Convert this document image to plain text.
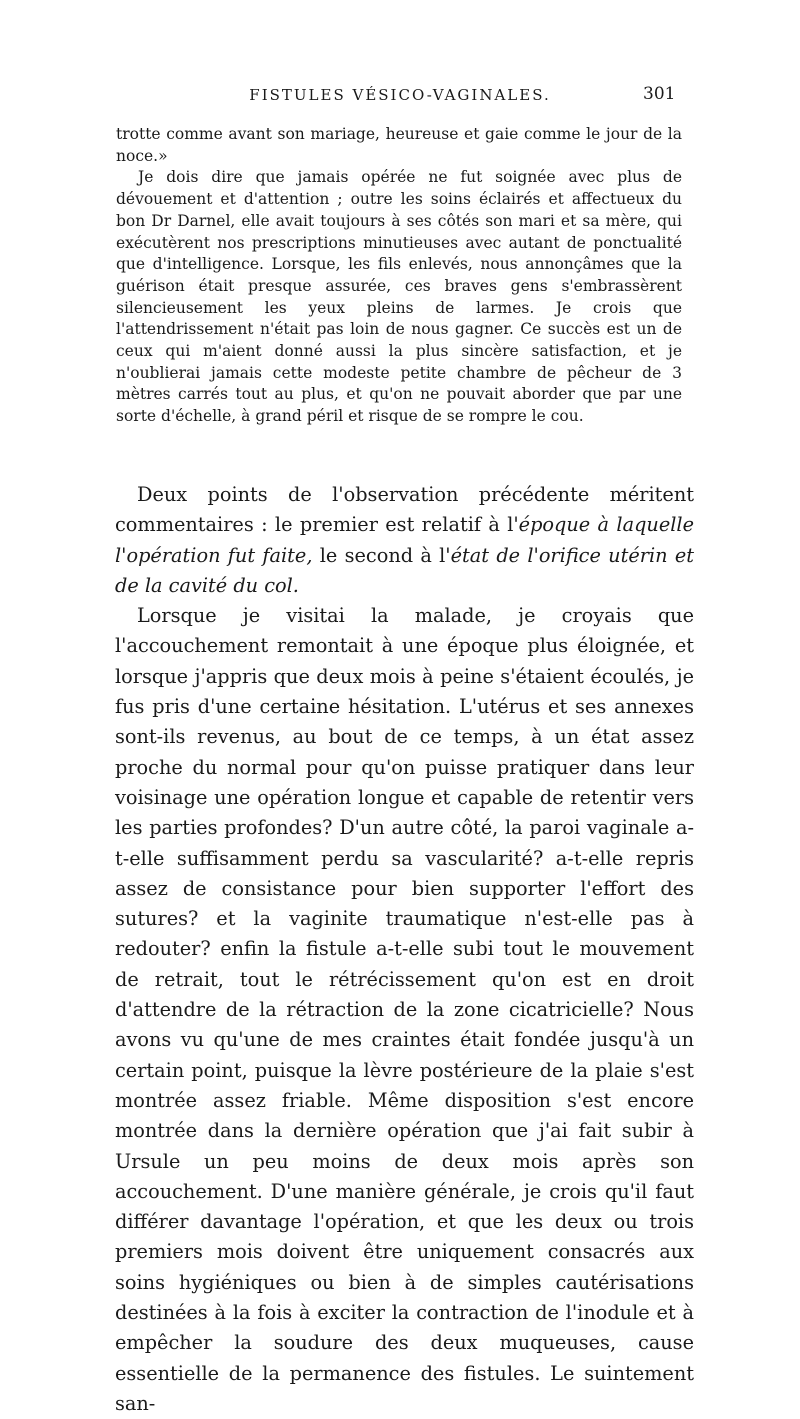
FISTULES VÉSICO-VAGINALES.	301

trotte comme avant son mariage, heureuse et gaie comme le jour de la noce.»

Je dois dire que jamais opérée ne fut soignée avec plus de dévouement et d'attention ; outre les soins éclairés et affectueux du bon Dr Darnel, elle avait toujours à ses côtés son mari et sa mère, qui exécutèrent nos prescriptions minutieuses avec autant de ponctualité que d'intelligence. Lorsque, les fils enlevés, nous annonçâmes que la guérison était presque assurée, ces braves gens s'embrassèrent silencieusement les yeux pleins de larmes. Je crois que l'attendrissement n'était pas loin de nous gagner. Ce succès est un de ceux qui m'aient donné aussi la plus sincère satisfaction, et je n'oublierai jamais cette modeste petite chambre de pêcheur de 3 mètres carrés tout au plus, et qu'on ne pouvait aborder que par une sorte d'échelle, à grand péril et risque de se rompre le cou.

Deux points de l'observation précédente méritent commentaires : le premier est relatif à l'époque à laquelle l'opération fut faite, le second à l'état de l'orifice utérin et de la cavité du col.

Lorsque je visitai la malade, je croyais que l'accouchement remontait à une époque plus éloignée, et lorsque j'appris que deux mois à peine s'étaient écoulés, je fus pris d'une certaine hésitation. L'utérus et ses annexes sont-ils revenus, au bout de ce temps, à un état assez proche du normal pour qu'on puisse pratiquer dans leur voisinage une opération longue et capable de retentir vers les parties profondes? D'un autre côté, la paroi vaginale a-t-elle suffisamment perdu sa vascularité? a-t-elle repris assez de consistance pour bien supporter l'effort des sutures? et la vaginite traumatique n'est-elle pas à redouter? enfin la fistule a-t-elle subi tout le mouvement de retrait, tout le rétrécissement qu'on est en droit d'attendre de la rétraction de la zone cicatricielle? Nous avons vu qu'une de mes craintes était fondée jusqu'à un certain point, puisque la lèvre postérieure de la plaie s'est montrée assez friable. Même disposition s'est encore montrée dans la dernière opération que j'ai fait subir à Ursule un peu moins de deux mois après son accouchement. D'une manière générale, je crois qu'il faut différer davantage l'opération, et que les deux ou trois premiers mois doivent être uniquement consacrés aux soins hygiéniques ou bien à de simples cautérisations destinées à la fois à exciter la contraction de l'inodule et à empêcher la soudure des deux muqueuses, cause essentielle de la permanence des fistules. Le suintement san-
